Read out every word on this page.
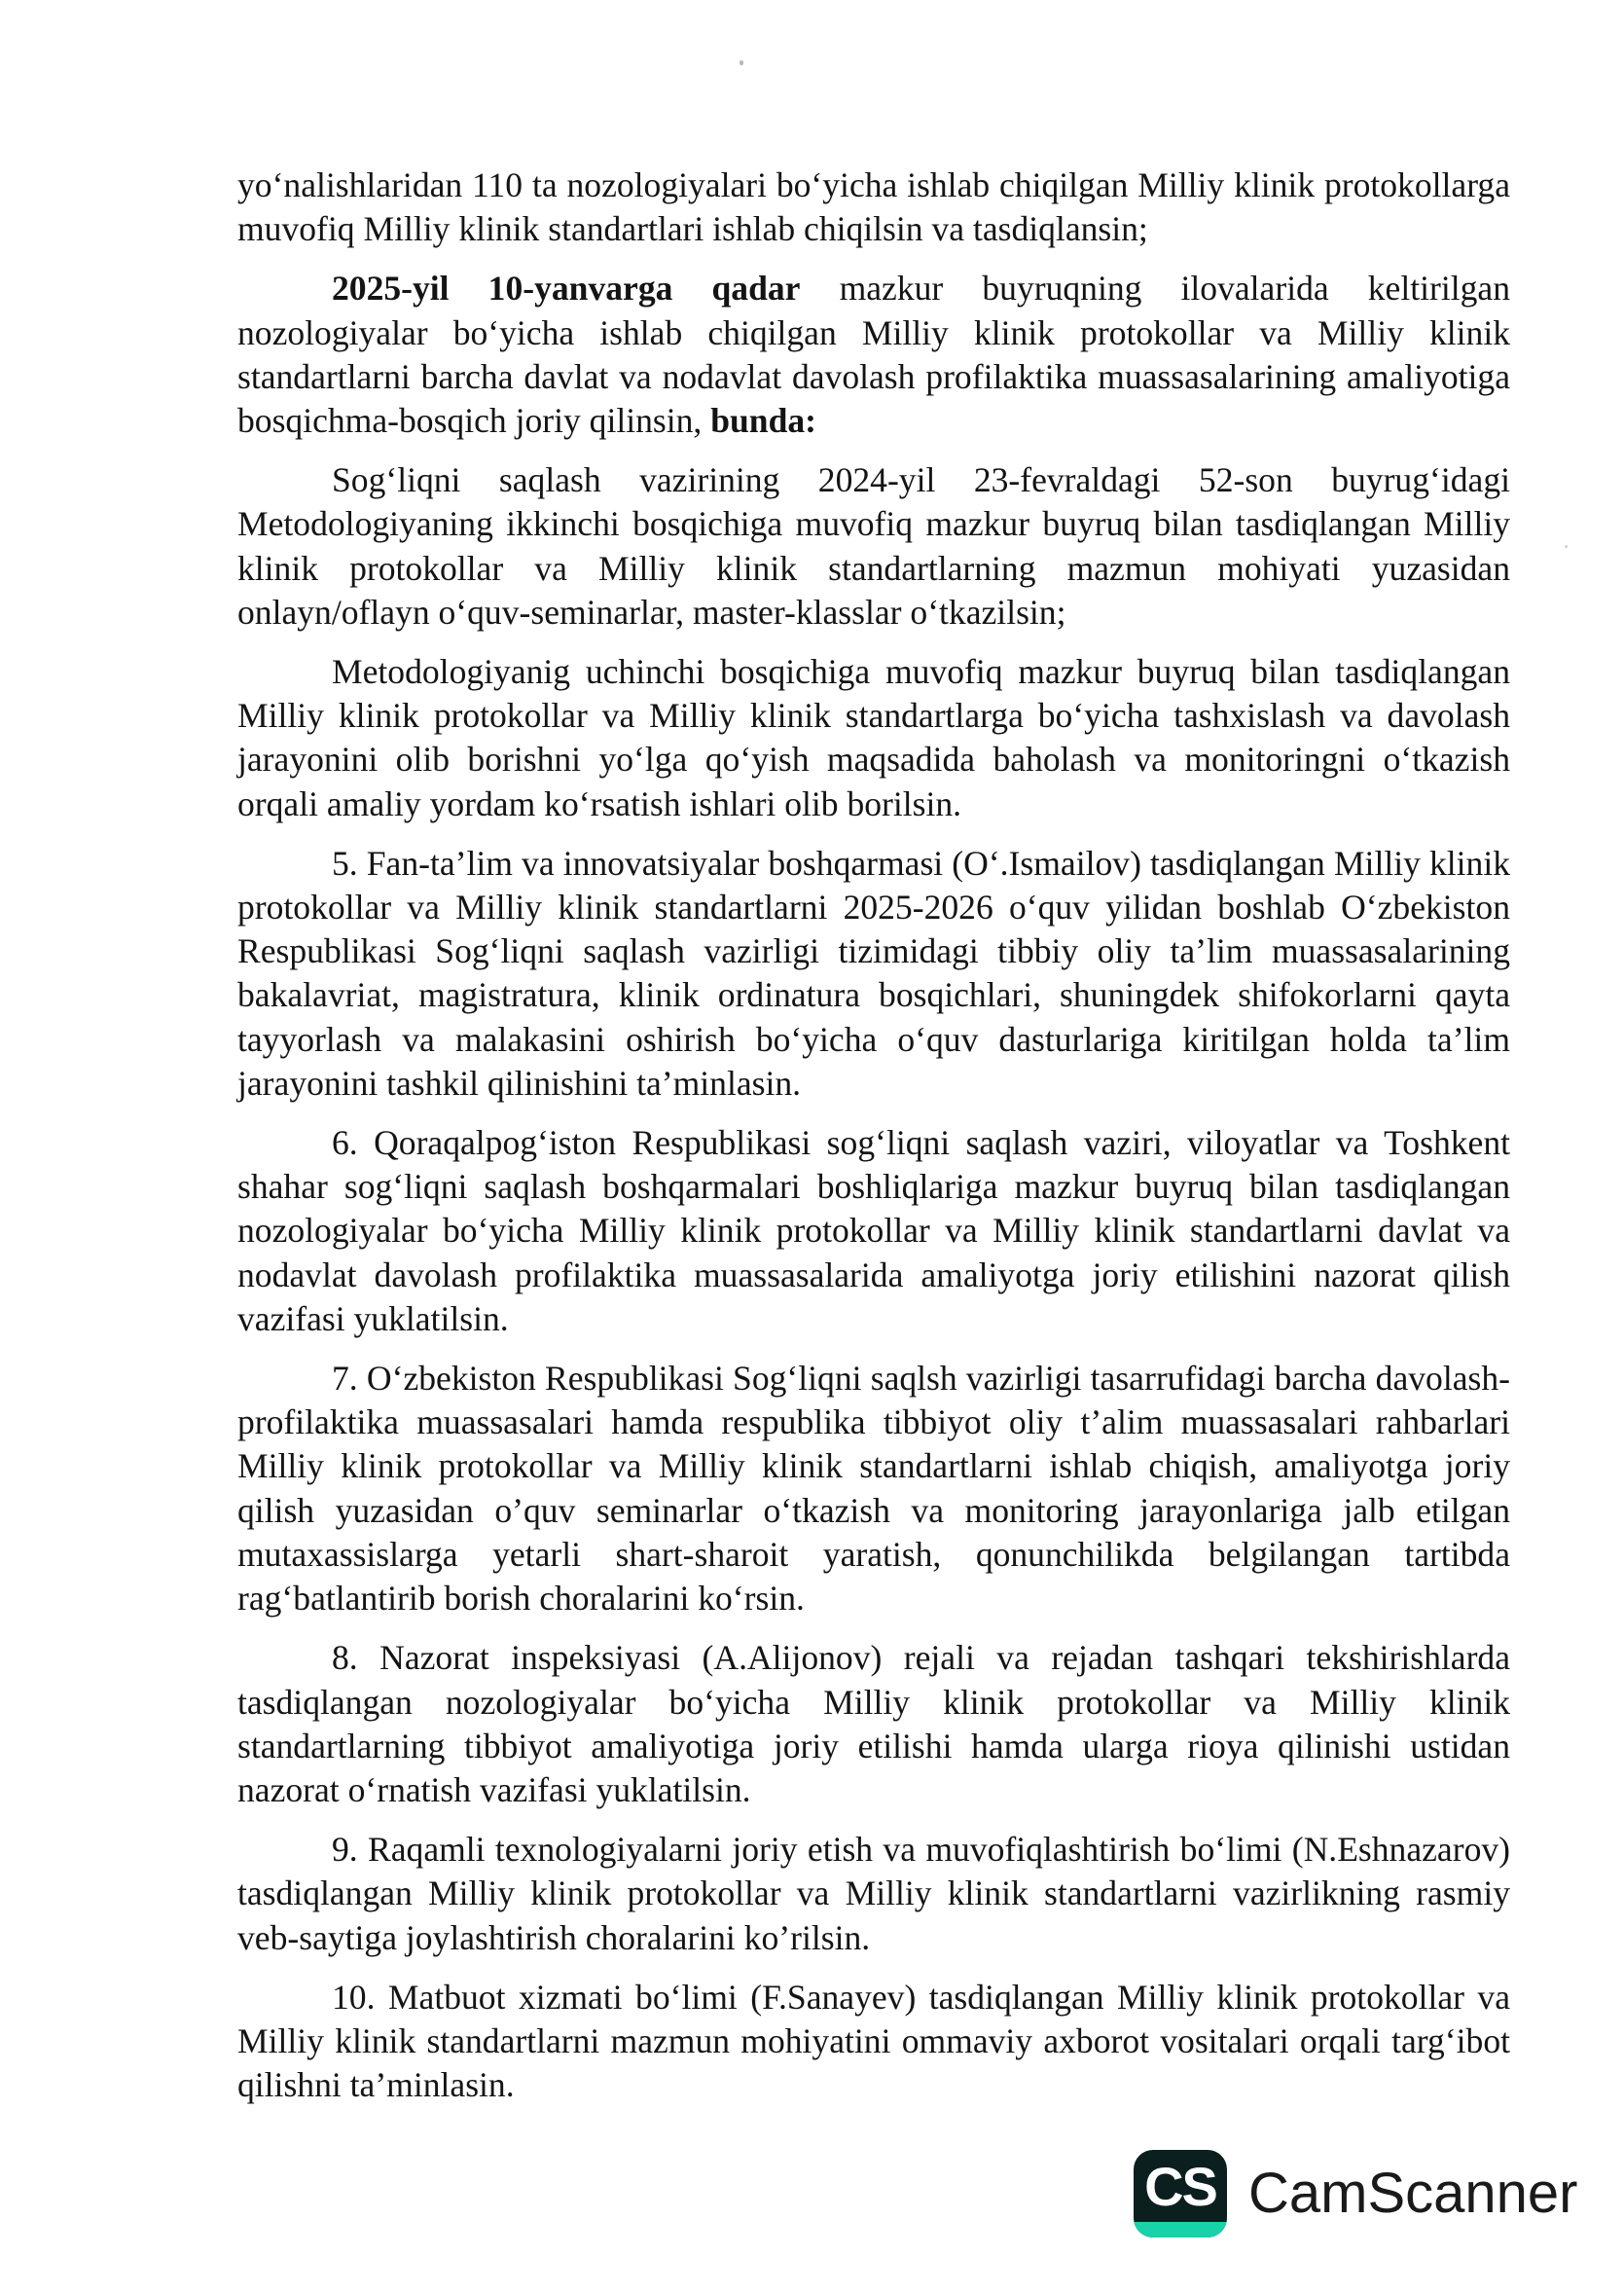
yo‘nalishlaridan 110 ta nozologiyalari bo‘yicha ishlab chiqilgan Milliy klinik protokollarga muvofiq Milliy klinik standartlari ishlab chiqilsin va tasdiqlansin;

2025-yil 10-yanvarga qadar mazkur buyruqning ilovalarida keltirilgan nozologiyalar bo‘yicha ishlab chiqilgan Milliy klinik protokollar va Milliy klinik standartlarni barcha davlat va nodavlat davolash profilaktika muassasalarining amaliyotiga bosqichma-bosqich joriy qilinsin, bunda:

Sog‘liqni saqlash vazirining 2024-yil 23-fevraldagi 52-son buyrug‘idagi Metodologiyaning ikkinchi bosqichiga muvofiq mazkur buyruq bilan tasdiqlangan Milliy klinik protokollar va Milliy klinik standartlarning mazmun mohiyati yuzasidan onlayn/oflayn o‘quv-seminarlar, master-klasslar o‘tkazilsin;

Metodologiyanig uchinchi bosqichiga muvofiq mazkur buyruq bilan tasdiqlangan Milliy klinik protokollar va Milliy klinik standartlarga bo‘yicha tashxislash va davolash jarayonini olib borishni yo‘lga qo‘yish maqsadida baholash va monitoringni o‘tkazish orqali amaliy yordam ko‘rsatish ishlari olib borilsin.

5. Fan-ta’lim va innovatsiyalar boshqarmasi (O‘.Ismailov) tasdiqlangan Milliy klinik protokollar va Milliy klinik standartlarni 2025-2026 o‘quv yilidan boshlab O‘zbekiston Respublikasi Sog‘liqni saqlash vazirligi tizimidagi tibbiy oliy ta’lim muassasalarining bakalavriat, magistratura, klinik ordinatura bosqichlari, shuningdek shifokorlarni qayta tayyorlash va malakasini oshirish bo‘yicha o‘quv dasturlariga kiritilgan holda ta’lim jarayonini tashkil qilinishini ta’minlasin.

6. Qoraqalpog‘iston Respublikasi sog‘liqni saqlash vaziri, viloyatlar va Toshkent shahar sog‘liqni saqlash boshqarmalari boshliqlariga mazkur buyruq bilan tasdiqlangan nozologiyalar bo‘yicha Milliy klinik protokollar va Milliy klinik standartlarni davlat va nodavlat davolash profilaktika muassasalarida amaliyotga joriy etilishini nazorat qilish vazifasi yuklatilsin.

7. O‘zbekiston Respublikasi Sog‘liqni saqlsh vazirligi tasarrufidagi barcha davolash-profilaktika muassasalari hamda respublika tibbiyot oliy t’alim muassasalari rahbarlari Milliy klinik protokollar va Milliy klinik standartlarni ishlab chiqish, amaliyotga joriy qilish yuzasidan o’quv seminarlar o‘tkazish va monitoring jarayonlariga jalb etilgan mutaxassislarga yetarli shart-sharoit yaratish, qonunchilikda belgilangan tartibda rag‘batlantirib borish choralarini ko‘rsin.

8. Nazorat inspeksiyasi (A.Alijonov) rejali va rejadan tashqari tekshirishlarda tasdiqlangan nozologiyalar bo‘yicha Milliy klinik protokollar va Milliy klinik standartlarning tibbiyot amaliyotiga joriy etilishi hamda ularga rioya qilinishi ustidan nazorat o‘rnatish vazifasi yuklatilsin.

9. Raqamli texnologiyalarni joriy etish va muvofiqlashtirish bo‘limi (N.Eshnazarov) tasdiqlangan Milliy klinik protokollar va Milliy klinik standartlarni vazirlikning rasmiy veb-saytiga joylashtirish choralarini ko’rilsin.

10. Matbuot xizmati bo‘limi (F.Sanayev) tasdiqlangan Milliy klinik protokollar va Milliy klinik standartlarni mazmun mohiyatini ommaviy axborot vositalari orqali targ‘ibot qilishni ta’minlasin.

CS CamScanner
